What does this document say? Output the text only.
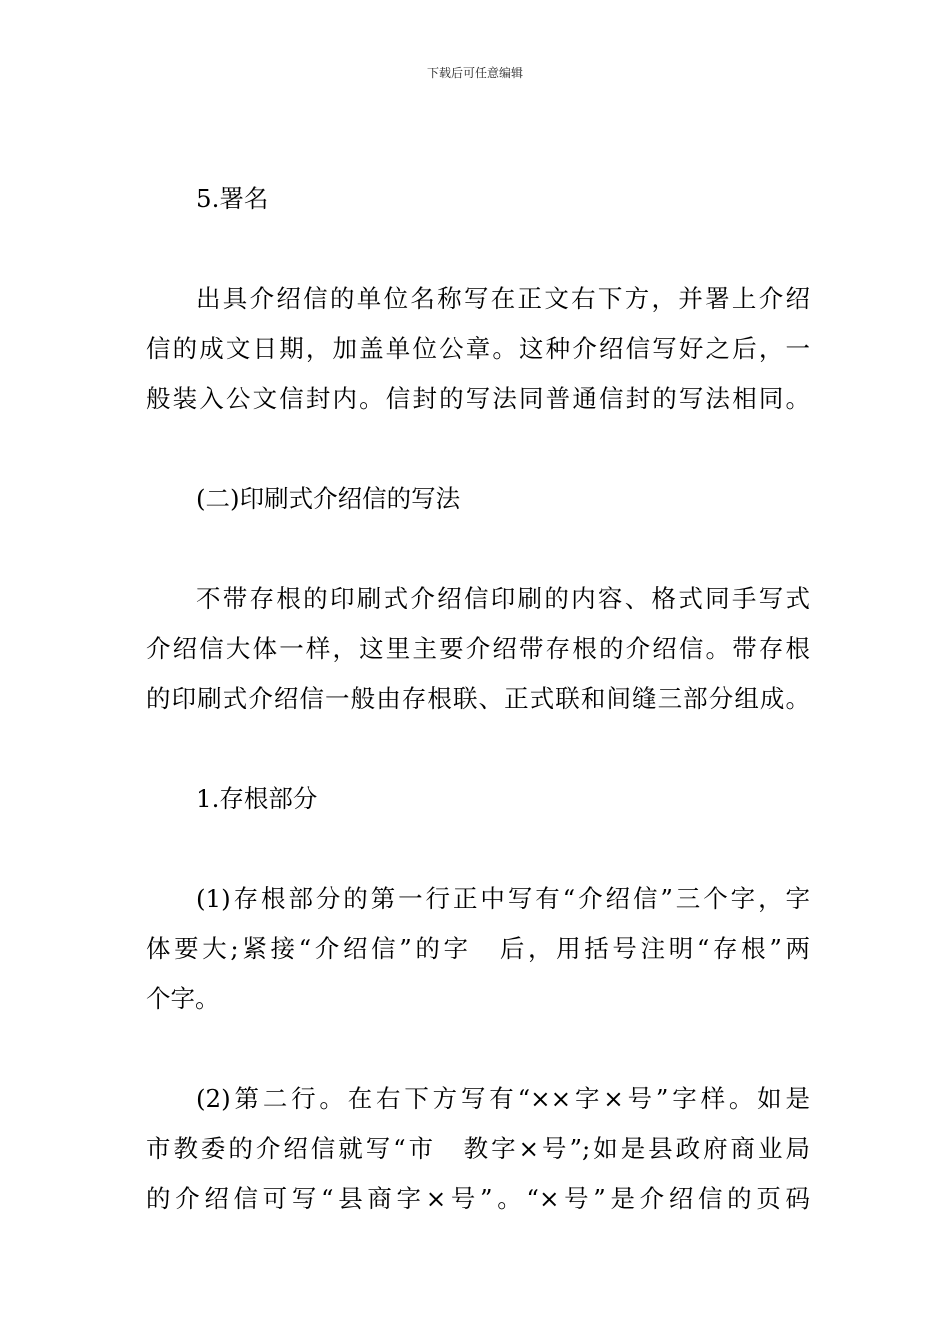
下载后可任意编辑
5.署名
出具介绍信的单位名称写在正文右下方，并署上介绍
信的成文日期，加盖单位公章。这种介绍信写好之后，一
般装入公文信封内。信封的写法同普通信封的写法相同。
(二)印刷式介绍信的写法
不带存根的印刷式介绍信印刷的内容、格式同手写式
介绍信大体一样，这里主要介绍带存根的介绍信。带存根
的印刷式介绍信一般由存根联、正式联和间缝三部分组成。
1.存根部分
(1)存根部分的第一行正中写有“介绍信”三个字，字
体要大;紧接“介绍信”的字　后，用括号注明“存根”两
个字。
(2)第二行。在右下方写有“××字×号”字样。如是
市教委的介绍信就写“市　教字×号”;如是县政府商业局
的介绍信可写“县商字×号”。“×号”是介绍信的页码
